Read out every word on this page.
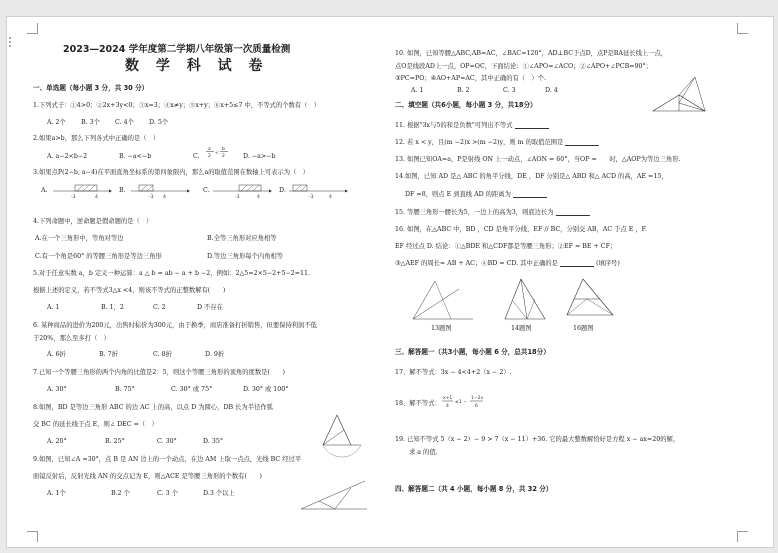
2023—2024 学年度第二学期八年级第一次质量检测
数 学 科 试 卷
一、单选题（每小题 3 分，共 30 分）
1.下列式子：①4>0；②2x+3y<0；③x=3；④x≠y；⑤x+y；⑥x+5≤7 中，不等式的个数有（　）
A. 2个 B. 3个 C. 4个 D. 5个
2.如果a>b，那么下列各式中正确的是（　）
A. a−2<b−2	B. −a<−b	C.
a
2
<
b
2	D. −a>−b
3.如果点P(2−b, a−4)在平面直角坐标系的第四象限内，那么a的取值范围在数轴上可表示为（　）
A.	B.	C.	D.
-3	4	-3 4	-3	4	-3	4
4.下列命题中，逆命题是假命题的是（　）
A.在一个三角形中，等角对等边	B.全等三角形对应角相等
C.有一个角是60° 的等腰三角形是等边三角形	D.等边三角形每个内角相等
5.对于任意实数 a，b 定义一种运算：a △ b = ab − a + b −2，例如：2△5=2×5−2+5−2=11.
根据上述的定义，若不等式3△x <4，则该不等式的正整数解有(　　)
A. 1	B. 1，2	C. 2	D 不存在
6. 某种商品的进价为200元，出售时标价为300元，由于换季，商店准备打折销售，但要保持利润不低
于20%，那么至多打（　）
A. 6折	B. 7折	C. 8折	D. 9折
7.已知一个等腰三角形的两个内角的比值是2：5，则这个等腰三角形的顶角的度数是(　　)
A. 30°	B. 75°	C. 30° 或 75°	D. 30° 或 100°
8.如图，BD 是等边三角形 ABC 的边 AC 上的高，以点 D 为圆心，DB 长为半径作弧
交 BC 的延长线于点 E，则∠ DEC =（　）
A. 20°	B. 25°	C. 30°	D. 35°
9.如图，已知∠A =30°，点 B 是 AN 边上的一个动点，在边 AM 上取一点点，光线 BC 经过平
面镜反射后，反射光线 AN 的交点记为 E，则△ACE 是等腰三角形的个数有(　　)
A. 1个	B.2 个	C. 3 个	D.3 个以上
10. 如图，已知等腰△ABC,AB=AC，∠BAC=120°，AD⊥BC于点D，点P是BA延长线上一点，
点O是线段AD上一点，OP=OC，下面结论：①∠APO=∠ACO；②∠APO+∠PCB=90°；
③PC=PO；④AO+AP=AC，其中正确的有（　）个.
A. 1	B. 2	C. 3	D. 4
二、填空题（共6小题，每小题 3 分，共18分）
11. 根据"3x与5的和是负数"可列出不等式
12. 若 x < y，且(m −2)x >(m −2)y，则 m 的取值范围是
13. 如图已知OA=a，P是射线 ON 上一动点，∠AON = 60°，当OP =　　时，△AOP为等边三角形.
14.如图，已知 AD 是△ ABC 的角平分线，DE ，DF 分别是△ ABD 和△ ACD 的高，AE =15，
DF =8，则点 E 到直线 AD 的距离为
15. 等腰三角形一腰长为5，一边上的高为3，则底边长为
16. 如图，在△ABC 中，BD ，CD 是角平分线，EF // BC，分别交 AB，AC 于点 E ，F.
EF 经过点 D. 结论：①△BDE 和△CDF都是等腰三角形；②EF = BE + CF；
③△AEF 的周长= AB + AC；④BD = CD. 其中正确的是	(填序号)
13题图	14题图	16题图
三、解答题一（共3小题，每小题 6 分，总共18分）
17、解不等式：3x − 4<4+2（x − 2）.
18、解不等式：
x+1
4
≤1 −
1−2x
6
19. 已知不等式 5（x − 2）− 9 > 7（x − 11）+36. 它的最大整数解恰好是方程 x − ax=20的解，
求 a 的值.
四、解答题二（共 4 小题，每小题 8 分，共 32 分）
